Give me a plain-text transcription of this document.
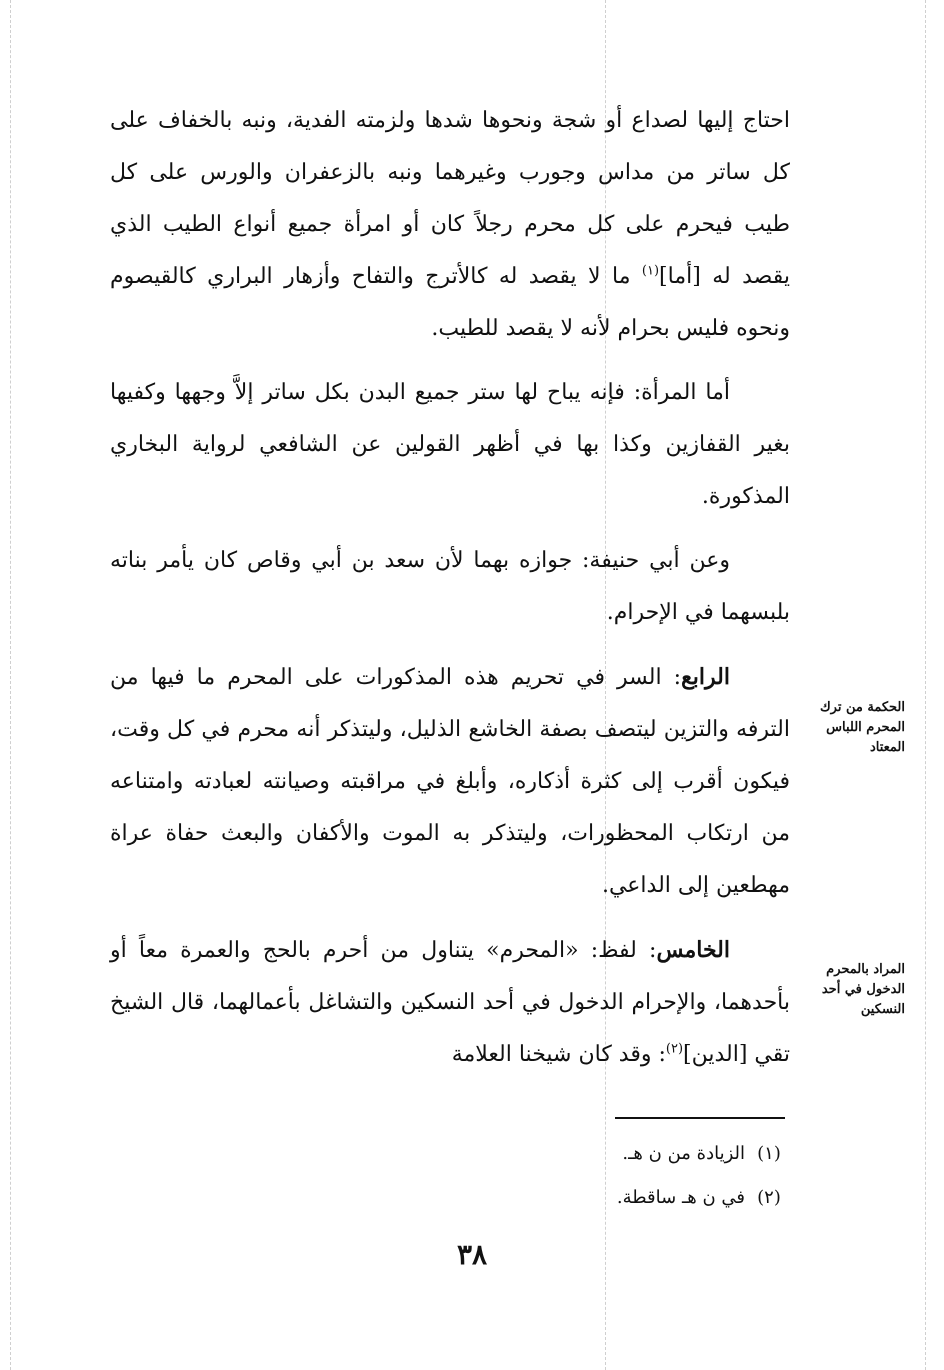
احتاج إليها لصداع أو شجة ونحوها شدها ولزمته الفدية، ونبه بالخفاف على كل ساتر من مداس وجورب وغيرهما ونبه بالزعفران والورس على كل طيب فيحرم على كل محرم رجلاً كان أو امرأة جميع أنواع الطيب الذي يقصد له [أما]$^{(١)}$ ما لا يقصد له كالأترج والتفاح وأزهار البراري كالقيصوم ونحوه فليس بحرام لأنه لا يقصد للطيب.

أما المرأة: فإنه يباح لها ستر جميع البدن بكل ساتر إلاَّ وجهها وكفيها بغير القفازين وكذا بها في أظهر القولين عن الشافعي لرواية البخاري المذكورة.

وعن أبي حنيفة: جوازه بهما لأن سعد بن أبي وقاص كان يأمر بناته بلبسهما في الإحرام.

الرابع: السر في تحريم هذه المذكورات على المحرم ما فيها من الترفه والتزين ليتصف بصفة الخاشع الذليل، وليتذكر أنه محرم في كل وقت، فيكون أقرب إلى كثرة أذكاره، وأبلغ في مراقبته وصيانته لعبادته وامتناعه من ارتكاب المحظورات، وليتذكر به الموت والأكفان والبعث حفاة عراة مهطعين إلى الداعي.

الخامس: لفظ: «المحرم» يتناول من أحرم بالحج والعمرة معاً أو بأحدهما، والإحرام الدخول في أحد النسكين والتشاغل بأعمالهما، قال الشيخ تقي [الدين]$^{(٢)}$: وقد كان شيخنا العلامة

الحكمة من ترك المحرم اللباس المعتاد
المراد بالمحرم الدخول في أحد النسكين
(١)الزيادة من ن هـ.
(٢)في ن هـ ساقطة.
٣٨
